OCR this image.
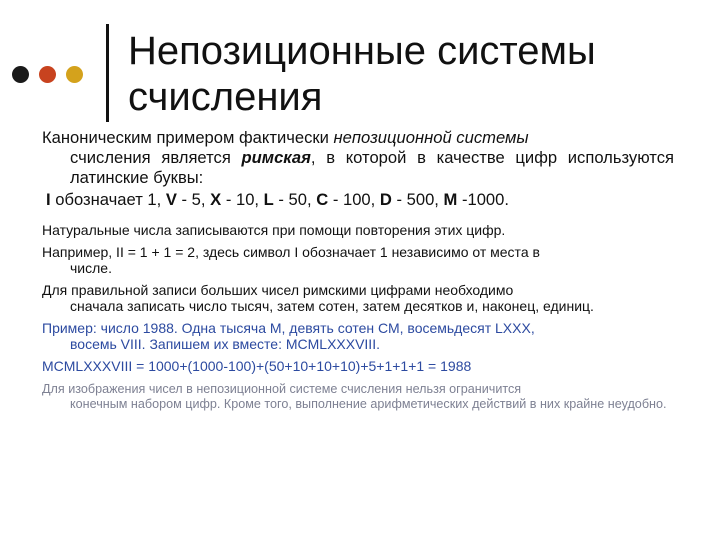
Непозиционные системы счисления

Каноническим примером фактически непозиционной системы
счисления является римская, в которой в качестве цифр используются латинские буквы:

I обозначает 1, V - 5, X - 10, L - 50, C - 100, D - 500, M -1000.

Натуральные числа записываются при помощи повторения этих цифр.

Например, II = 1 + 1 = 2, здесь символ I обозначает 1 независимо от места в
числе.

Для правильной записи больших чисел римскими цифрами необходимо
сначала записать число тысяч, затем сотен, затем десятков и, наконец, единиц.

Пример: число 1988. Одна тысяча М, девять сотен СМ, восемьдесят LXXX,
восемь VIII. Запишем их вместе: MCMLXXXVIII.

MCMLXXXVIII = 1000+(1000-100)+(50+10+10+10)+5+1+1+1 = 1988

Для изображения чисел в непозиционной системе счисления нельзя ограничится
конечным набором цифр. Кроме того, выполнение арифметических действий в них крайне неудобно.
